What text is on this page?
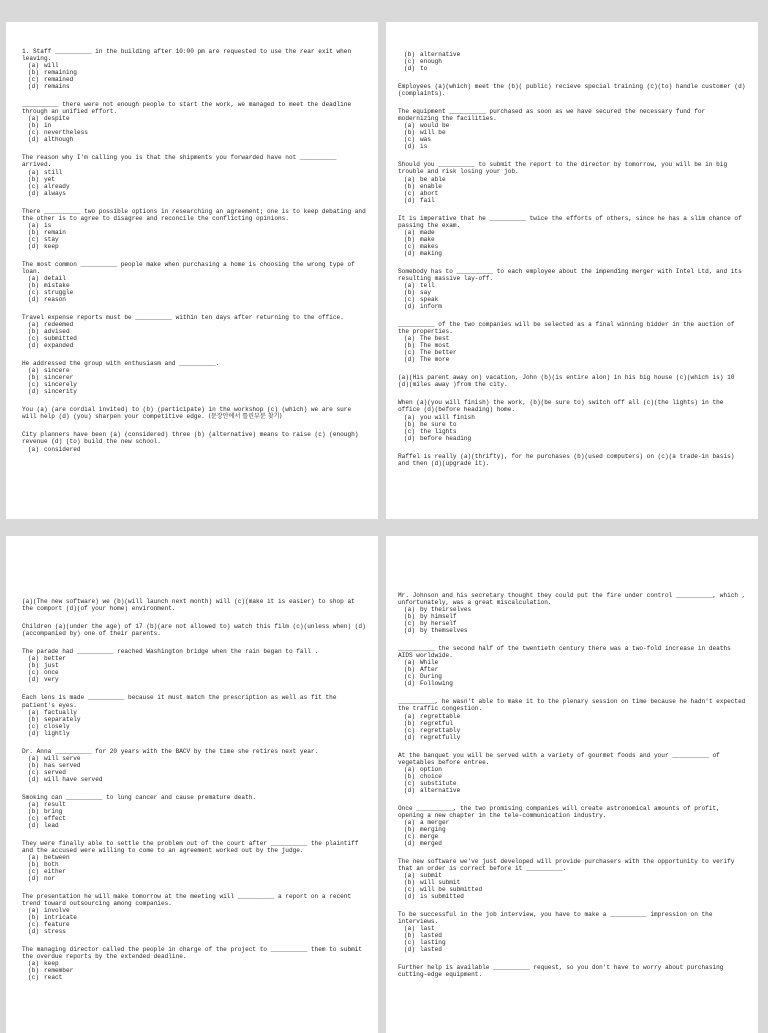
1. Staff __________ in the building after 10:00 pm are requested to use the rear exit when leaving.
(a) will
(b) remaining
(c) remained
(d) remains
__________ there were not enough people to start the work, we managed to meet the deadline through an unified effort.
(a) despite
(b) in
(c) nevertheless
(d) although
The reason why I'm calling you is that the shipments you forwarded have not __________ arrived.
(a) still
(b) yet
(c) already
(d) always
There __________ two possible options in researching an agreement; one is to keep debating and the other is to agree to disagree and reconcile the conflicting opinions.
(a) is
(b) remain
(c) stay
(d) keep
The most common __________ people make when purchasing a home is choosing the wrong type of loan.
(a) detail
(b) mistake
(c) struggle
(d) reason
Travel expense reports must be __________ within ten days after returning to the office.
(a) redeemed
(b) advised
(c) submitted
(d) expanded
He addressed the group with enthusiasm and __________.
(a) sincere
(b) sincerer
(c) sincerely
(d) sincerity
You (a) (are cordial invited) to (b) (participate) in the workshop (c) (which) we are sure will help (d) (you) sharpen your competitive edge. (문장안에서 틀린부분 찾기)
City planners have been (a) (considered) three (b) (alternative) means to raise (c) (enough) revenue (d) (to) build the new school.
(a) considered
(b) alternative
(c) enough
(d) to
Employees (a)(which) meet the (b)( public) recieve special training (c)(to) handle customer (d)(complaints).
The equipment __________ purchased as soon as we have secured the necessary fund for modernizing the facilities.
(a) would be
(b) will be
(c) was
(d) is
Should you __________ to submit the report to the director by tomorrow, you will be in big trouble and risk losing your job.
(a) be able
(b) enable
(c) abort
(d) fail
It is imperative that he __________ twice the efforts of others, since he has a slim chance of passing the exam.
(a) made
(b) make
(c) makes
(d) making
Somebody has to __________ to each employee about the impending merger with Intel Ltd, and its resulting massive lay-off.
(a) tell
(b) say
(c) speak
(d) inform
__________ of the two companies will be selected as a final winning bidder in the auction of the properties.
(a) The best
(b) The most
(c) The better
(d) The more
(a)(His parent away on) vacation, John (b)(is entire alon) in his big house (c)(which is) 10 (d)(miles away )from the city.
When (a)(you will finish) the work, (b)(be sure to) switch off all (c)(the lights) in the office (d)(before heading) home.
(a) you will finish
(b) be sure to
(c) the lights
(d) before heading
Raffel is really (a)(thrifty), for he purchases (b)(used computers) on (c)(a trade-in basis) and then (d)(upgrade it).
(a)(The new software) we (b)(will launch next month) will (c)(make it is easier) to shop at the comport (d)(of your home) environment.
Children (a)(under the age) of 17 (b)(are not allowed to) watch this film (c)(unless when) (d)(accompanied by) one of their parents.
The parade had __________ reached Washington bridge when the rain began to fall .
(a) better
(b) just
(c) once
(d) very
Each lens is made __________ because it must match the prescription as well as fit the patient's eyes.
(a) factually
(b) separately
(c) closely
(d) lightly
Dr. Anna __________ for 20 years with the BACV by the time she retires next year.
(a) will serve
(b) has served
(c) served
(d) will have served
Smoking can __________ to lung cancer and cause premature death.
(a) result
(b) bring
(c) effect
(d) lead
They were finally able to settle the problem out of the court after __________ the plaintiff and the accused were willing to come to an agreement worked out by the judge.
(a) between
(b) both
(c) either
(d) nor
The presentation he will make tomorrow at the meeting will __________ a report on a recent trend toward outsourcing among companies.
(a) involve
(b) intricate
(c) feature
(d) stress
The managing director called the people in charge of the project to __________ them to submit the overdue reports by the extended deadline.
(a) keep
(b) remember
(c) react
Mr. Johnson and his secretary thought they could put the fire under control __________, which , unfortunately, was a great miscalculation.
(a) by theirselves
(b) by himself
(c) by herself
(d) by themselves
__________ the second half of the twentieth century there was a two-fold increase in deaths AIDS worldwide.
(a) While
(b) After
(c) During
(d) Following
__________, he wasn't able to make it to the plenary session on time because he hadn't expected the traffic congestion.
(a) regrettable
(b) regretful
(c) regrettably
(d) regretfully
At the banquet you will be served with a variety of gourmet foods and your __________ of vegetables before entree.
(a) option
(b) choice
(c) substitute
(d) alternative
Once __________, the two promising companies will create astronomical amounts of profit, opening a new chapter in the tele-communication industry.
(a) a merger
(b) merging
(c) merge
(d) merged
The new software we've just developed will provide purchasers with the opportunity to verify that an order is correct before it __________.
(a) submit
(b) will submit
(c) will be submitted
(d) is submitted
To be successful in the job interview, you have to make a __________ impression on the interviews.
(a) last
(b) lasted
(c) lasting
(d) lasted
Further help is available __________ request, so you don't have to worry about purchasing cutting-edge equipment.
